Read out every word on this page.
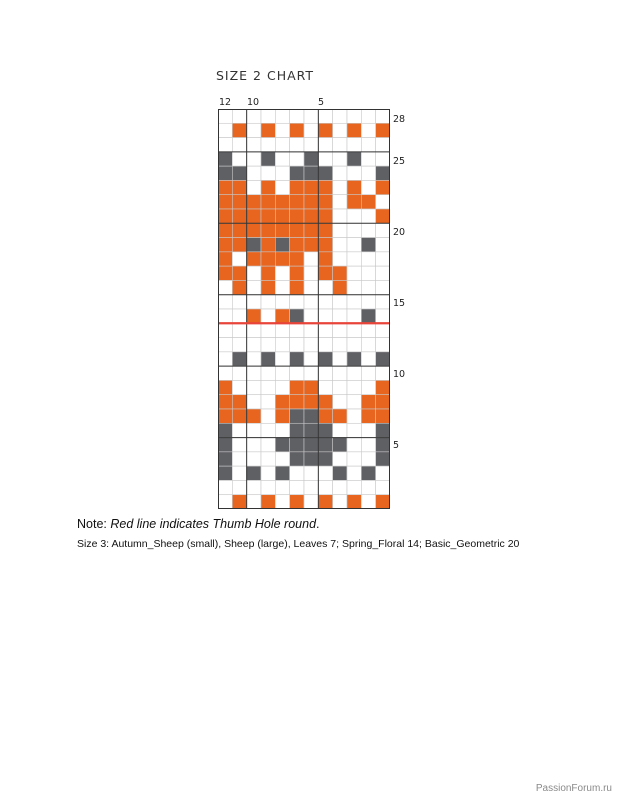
SIZE 2 CHART
12 10	5
28
25
20
15
10
5
Note: Red line indicates Thumb Hole round.
Size 3: Autumn_Sheep (small), Sheep (large), Leaves 7; Spring_Floral 14; Basic_Geometric 20
PassionForum.ru
